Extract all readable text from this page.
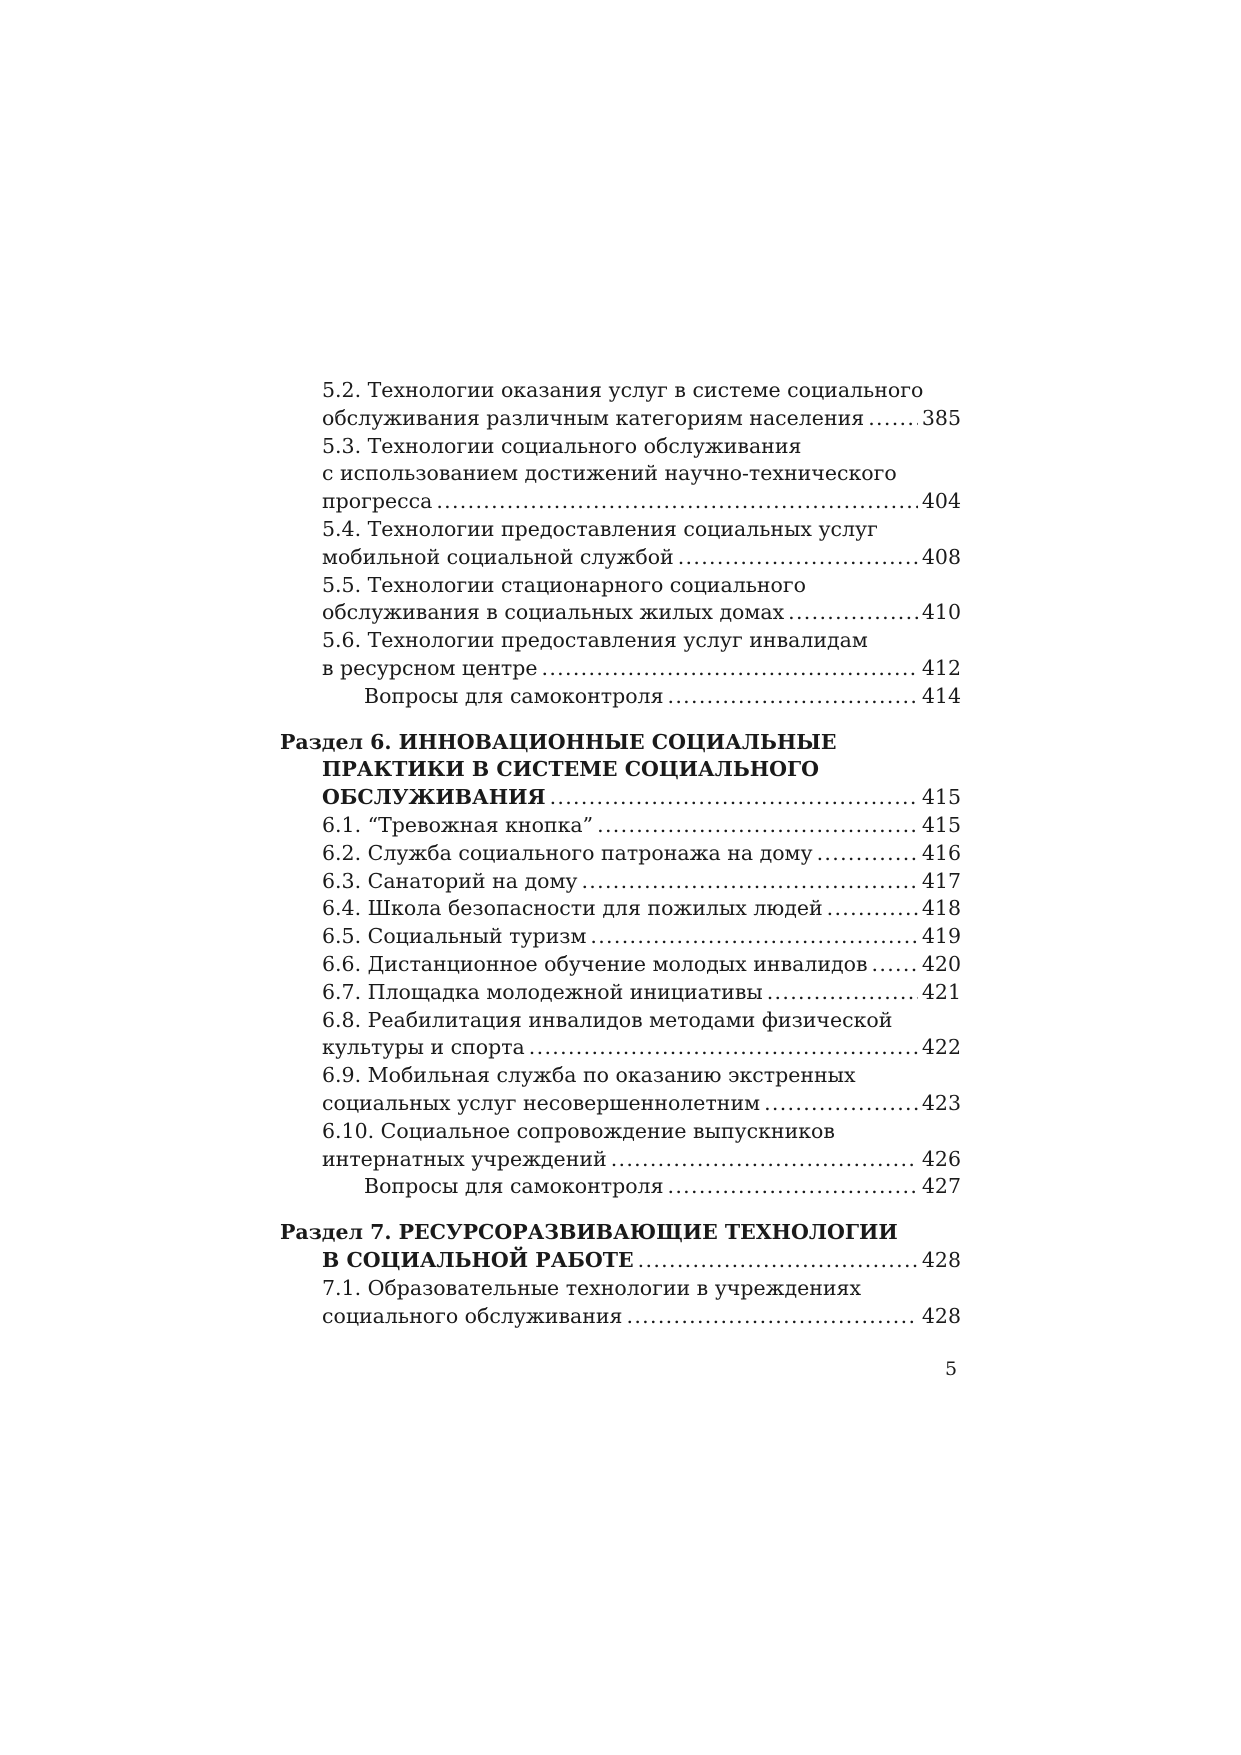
5.2. Технологии оказания услуг в системе социального
обслуживания различным категориям населения . . .	385
5.3. Технологии социального обслуживания
с использованием достижений научно-технического
прогресса . . .	404
5.4. Технологии предоставления социальных услуг
мобильной социальной службой . . .	408
5.5. Технологии стационарного социального
обслуживания в социальных жилых домах . . .	410
5.6. Технологии предоставления услуг инвалидам
в ресурсном центре . . .	412
Вопросы для самоконтроля . . .	414
Раздел 6. ИННОВАЦИОННЫЕ СОЦИАЛЬНЫЕ
ПРАКТИКИ В СИСТЕМЕ СОЦИАЛЬНОГО
ОБСЛУЖИВАНИЯ . . .	415
6.1. “Тревожная кнопка” . . .	415
6.2. Служба социального патронажа на дому . . .	416
6.3. Санаторий на дому . . .	417
6.4. Школа безопасности для пожилых людей . . .	418
6.5. Социальный туризм . . .	419
6.6. Дистанционное обучение молодых инвалидов . . .	420
6.7. Площадка молодежной инициативы . . .	421
6.8. Реабилитация инвалидов методами физической
культуры и спорта . . .	422
6.9. Мобильная служба по оказанию экстренных
социальных услуг несовершеннолетним . . .	423
6.10. Социальное сопровождение выпускников
интернатных учреждений . . .	426
Вопросы для самоконтроля . . .	427
Раздел 7. РЕСУРСОРАЗВИВАЮЩИЕ ТЕХНОЛОГИИ
В СОЦИАЛЬНОЙ РАБОТЕ . . .	428
7.1. Образовательные технологии в учреждениях
социального обслуживания . . .	428
5
